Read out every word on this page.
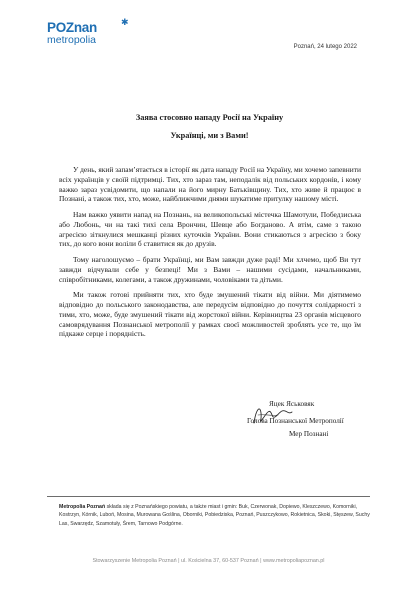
POZnan
metropolia
✱
Poznań, 24 lutego 2022
Заява стосовно нападу Росії на Україну
Українці, ми з Вами!

У день, який запам’ятається в історії як дата нападу Росії на Україну, ми хочемо запевнити всіх українців у своїй підтримці. Тих, хто зараз там, неподалік від польських кордонів, і кому важко зараз усвідомити, що напали на його мирну Батьківщину. Тих, хто живе й працює в Познані, а також тих, хто, може, найближчими днями шукатиме притулку нашому місті.

Нам важко уявити напад на Познань, на великопольські містечка Шамотули, Победзиська або Любонь, чи на такі тихі села Врончин, Шевце або Богданово. А втім, саме з такою агресією зіткнулися мешканці різних куточків України. Вони стикаються з агресією з боку тих, до кого вони воліли б ставитися як до друзів.

Тому наголошуємо – брати Українці, ми Вам завжди дуже раді! Ми хлчемо, щоб Ви тут завжди відчували себе у безпеці! Ми з Вами – нашими сусідами, начальниками, співробітниками, колегами, а також дружинами, чоловіками та дітьми.

Ми також готові прийняти тих, хто буде змушений тікати від війни. Ми діятимемо відповідно до польського законодавства, але передусім відповідно до почуття солідарності з тими, хто, може, буде змушений тікати від жорстокої війни. Керівництва 23 органів місцевого самоврядування Познанської метрополії у рамках своєї можливостей зроблять усе те, що їм підкаже серце і порядність.

Яцек Яськовяк
Голова Познанської Метрополії
Мер Познані
Metropolia Poznań składa się z Poznańskiego powiatu, a także miast i gmin: Buk, Czerwonak, Dopiewo, Kleszczewo, Komorniki, Kostrzyn, Kórnik, Luboń, Mosina, Murowana Goślina, Oborniki, Pobiedziska, Poznań, Puszczykowo, Rokietnica, Skoki, Stęszew, Suchy Las, Swarzędz, Szamotuły, Śrem, Tarnowo Podgórne.
Stowarzyszenie Metropolia Poznań | ul. Kościelna 37, 60-537 Poznań | www.metropoliapoznan.pl
